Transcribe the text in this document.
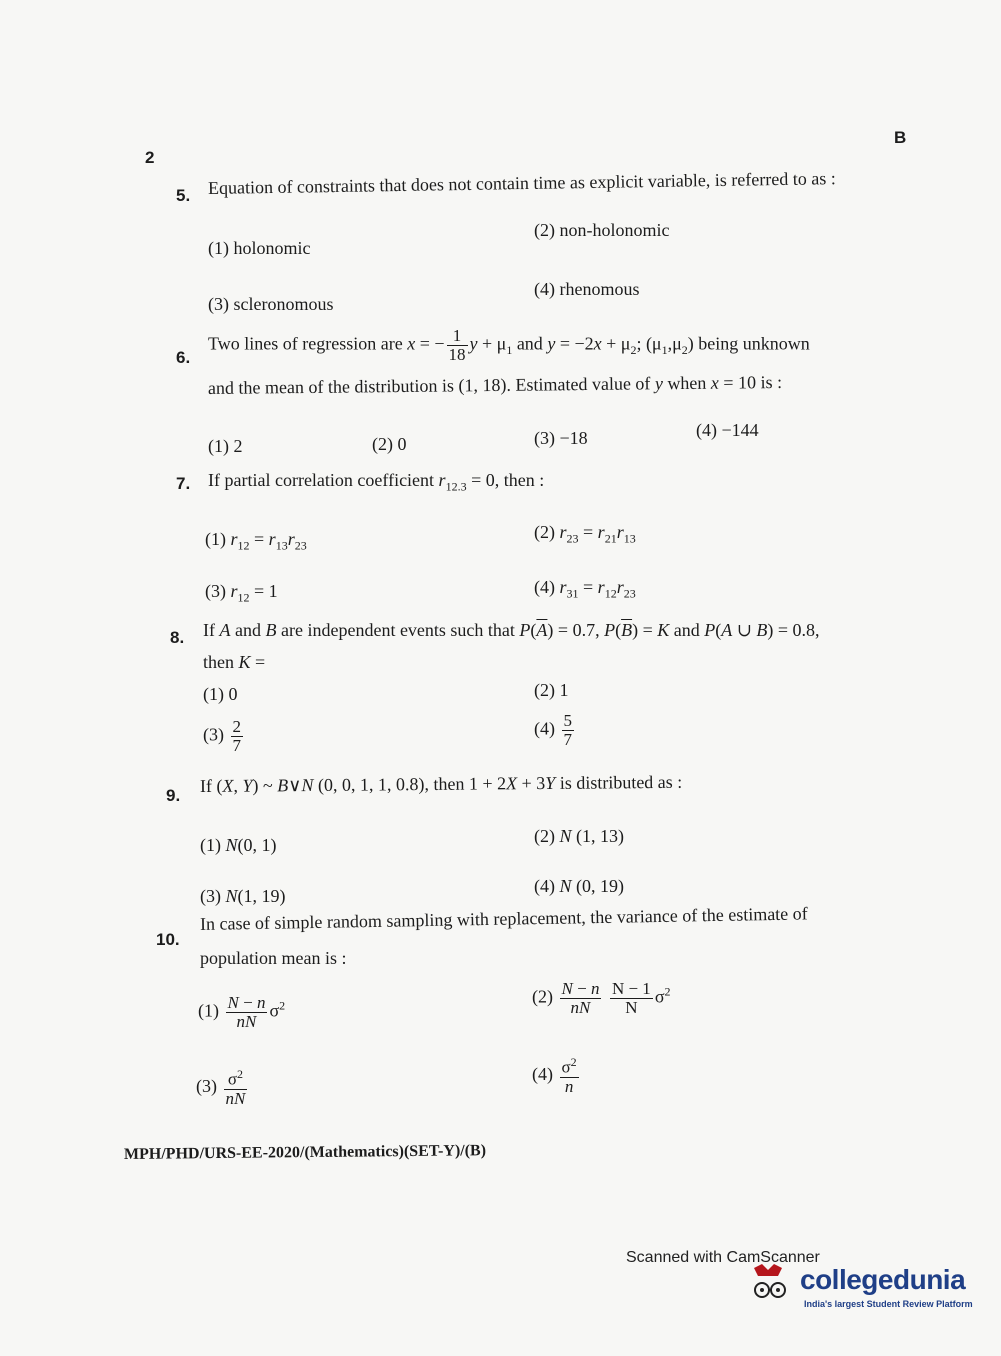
2
B
5. Equation of constraints that does not contain time as explicit variable, is referred to as :
(1) holonomic
(2) non-holonomic
(3) scleronomous
(4) rhenomous
6.
Two lines of regression are x = − $\frac{1}{18}$ $y + \mu_1$ and $y = -2x + \mu_2$; $(\mu_1,\mu_2)$ being unknown
and the mean of the distribution is (1, 18). Estimated value of y when x = 10 is :
(1) 2	(2) 0	(3) −18	(4) −144
7. If partial correlation coefficient $r_{12.3} = 0$, then :
(1) $r_{12} = r_{13}r_{23}$
(2) $r_{23} = r_{21}r_{13}$
(3) $r_{12} = 1$	(4) $r_{31} = r_{12}r_{23}$
8. If A and B are independent events such that $P(\overline{A}) = 0.7$, $P(\overline{B}) = K$ and P(A ∪ B) = 0.8,
then K =
(1) 0	(2) 1
$(3) \frac{2}{7}$	$(4) \frac{5}{7}$
9. If (X, Y) ~ B∨N (0, 0, 1, 1, 0.8), then 1 + 2X + 3Y is distributed as :
(1) N(0, 1)	(2) N (1, 13)
(3) N(1, 19)	(4) N (0, 19)
10.
In case of simple random sampling with replacement, the variance of the estimate of
population mean is :
$(1) \frac{N - n}{nN} \sigma^2$	$(2) \frac{N - n}{nN}$
$\frac{N - 1}{N} \sigma^2$
$(3) \frac{\sigma^2}{nN}$	$(4) \frac{\sigma^2}{n}$
MPH/PHD/URS-EE-2020/(Mathematics)(SET-Y)/(B)
Scanned with CamScanner
collegedunia
India's largest Student Review Platform
